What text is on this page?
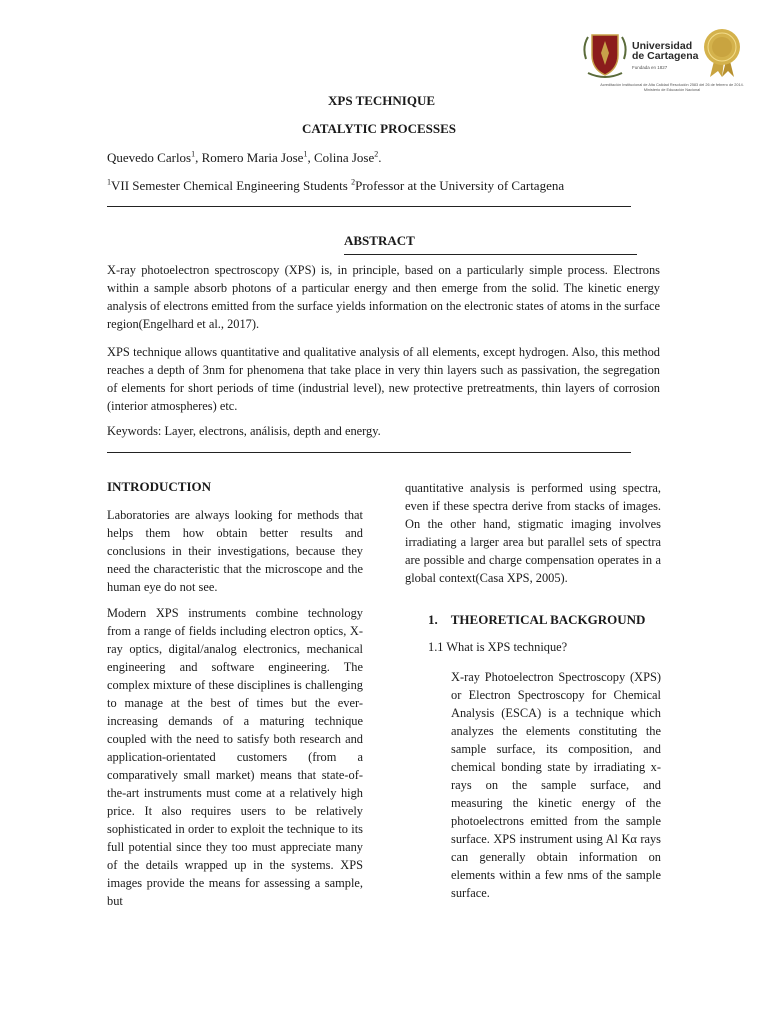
Universidad
de Cartagena
Fundada en 1827
Acreditación Institucional de Alta Calidad Resolución 2583 del 26 de febrero de 2014. Ministerio de Educación Nacional
XPS TECHNIQUE
CATALYTIC PROCESSES
Quevedo Carlos$^1$, Romero Maria Jose$^1$, Colina Jose$^2$.
$^1$VII Semester Chemical Engineering Students $^2$Professor at the University of Cartagena
ABSTRACT
X-ray photoelectron spectroscopy (XPS) is, in principle, based on a particularly simple process. Electrons within a sample absorb photons of a particular energy and then emerge from the solid. The kinetic energy analysis of electrons emitted from the surface yields information on the electronic states of atoms in the surface region(Engelhard et al., 2017).
XPS technique allows quantitative and qualitative analysis of all elements, except hydrogen. Also, this method reaches a depth of 3nm for phenomena that take place in very thin layers such as passivation, the segregation of elements for short periods of time (industrial level), new protective pretreatments, thin layers of corrosion (interior atmospheres) etc.
Keywords: Layer, electrons, análisis, depth and energy.
INTRODUCTION
Laboratories are always looking for methods that helps them how obtain better results and conclusions in their investigations, because they need the characteristic that the microscope and the human eye do not see.
Modern XPS instruments combine technology from a range of fields including electron optics, X-ray optics, digital/analog electronics, mechanical engineering and software engineering. The complex mixture of these disciplines is challenging to manage at the best of times but the ever-increasing demands of a maturing technique coupled with the need to satisfy both research and application-orientated customers (from a comparatively small market) means that state-of-the-art instruments must come at a relatively high price. It also requires users to be relatively sophisticated in order to exploit the technique to its full potential since they too must appreciate many of the details wrapped up in the systems. XPS images provide the means for assessing a sample, but
quantitative analysis is performed using spectra, even if these spectra derive from stacks of images. On the other hand, stigmatic imaging involves irradiating a larger area but parallel sets of spectra are possible and charge compensation operates in a global context(Casa XPS, 2005).
1. THEORETICAL BACKGROUND
1.1 What is XPS technique?
X-ray Photoelectron Spectroscopy (XPS) or Electron Spectroscopy for Chemical Analysis (ESCA) is a technique which analyzes the elements constituting the sample surface, its composition, and chemical bonding state by irradiating x-rays on the sample surface, and measuring the kinetic energy of the photoelectrons emitted from the sample surface. XPS instrument using Al Kα rays can generally obtain information on elements within a few nms of the sample surface.
